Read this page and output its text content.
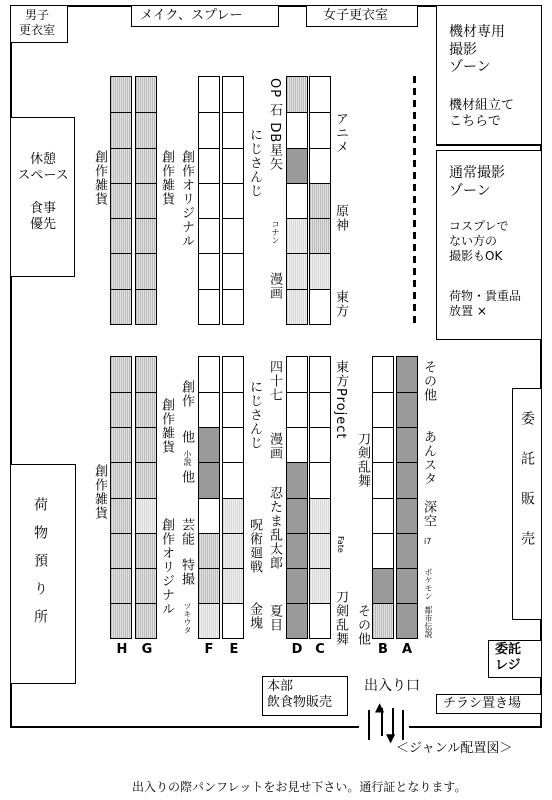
男子
更衣室
メイク、スプレー	女子更衣室
機材専用
撮影
ゾーン
機材組立て
こちらで
通常撮影
ゾーン
コスプレで
ない方の
撮影もOK
荷物・貴重品
放置 ×
休憩
スペース

食事
優先
荷物預り所	委託販売
委託
レジ
チラシ置き場
本部
飲食物販売
出入り口
▲
▼
創作雑貨	創作雑貨 創作オリジナル	にじさんじ OP 石 DB星矢
コナン
漫画
アニメ
原神
東方
創作雑貨
創作雑貨
創作オリジナル
創作
他
小説
他
芸能
特撮
ツキウタ
にじさんじ
呪術廻戦
金塊
四十七
漫画
忍たま乱太郎
夏目
東方Project
Fate
刀剣乱舞
刀剣乱舞
その他
その他
あんスタ
深空
i7
ポケモン
都市伝説
H	G	F	E	D C	B	A
＜ジャンル配置図＞
出入りの際パンフレットをお見せ下さい。通行証となります。
